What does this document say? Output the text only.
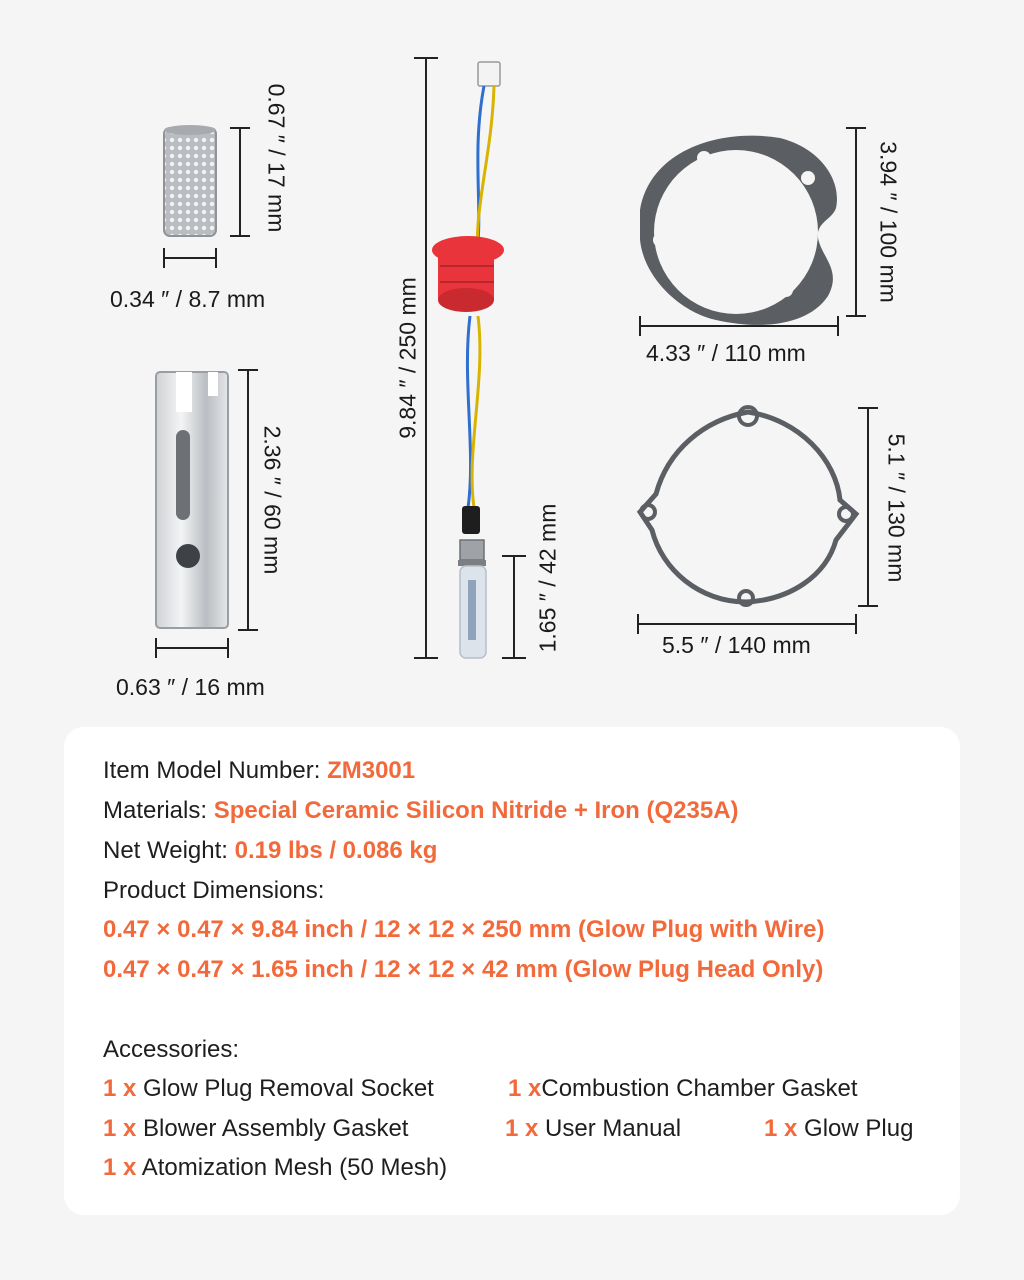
0.67 ″ / 17 mm
0.34 ″ / 8.7 mm
2.36 ″ / 60 mm
0.63 ″ / 16 mm
9.84 ″ / 250 mm
1.65 ″ / 42 mm
3.94 ″ / 100 mm
4.33 ″ / 110 mm
5.1 ″ / 130 mm
5.5 ″ / 140 mm
Item Model Number: ZM3001
Materials: Special Ceramic Silicon Nitride + Iron (Q235A)
Net Weight: 0.19 lbs / 0.086 kg
Product Dimensions:
0.47 × 0.47 × 9.84 inch / 12 × 12 × 250 mm (Glow Plug with Wire)
0.47 × 0.47 × 1.65 inch / 12 × 12 × 42 mm (Glow Plug Head Only)
Accessories:
1 x Glow Plug Removal Socket	1 xCombustion Chamber Gasket
1 x Blower Assembly Gasket	1 x User Manual	1 x Glow Plug
1 x Atomization Mesh (50 Mesh)
